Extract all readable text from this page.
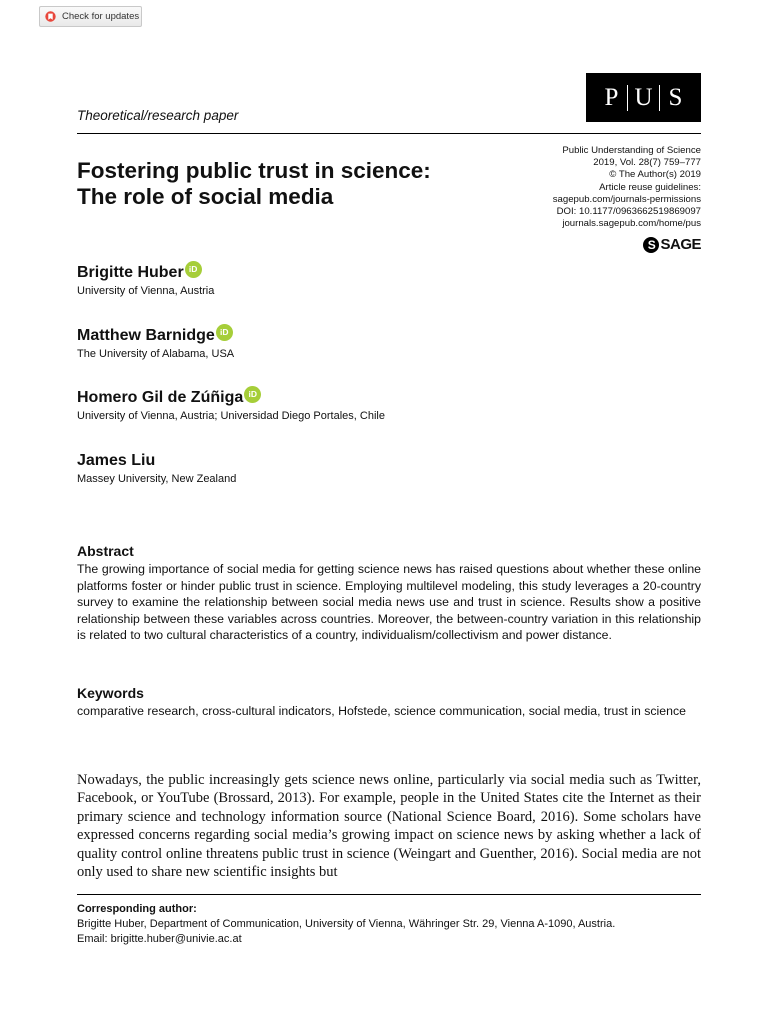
Check for updates
P U S
Theoretical/research paper
Public Understanding of Science
2019, Vol. 28(7) 759–777
© The Author(s) 2019
Article reuse guidelines:
sagepub.com/journals-permissions
DOI: 10.1177/0963662519869097
journals.sagepub.com/home/pus
S SAGE
Fostering public trust in science:
The role of social media
Brigitte Huber iD
University of Vienna, Austria
Matthew Barnidge iD
The University of Alabama, USA
Homero Gil de Zúñiga iD
University of Vienna, Austria; Universidad Diego Portales, Chile
James Liu
Massey University, New Zealand
Abstract
The growing importance of social media for getting science news has raised questions about whether these online platforms foster or hinder public trust in science. Employing multilevel modeling, this study leverages a 20-country survey to examine the relationship between social media news use and trust in science. Results show a positive relationship between these variables across countries. Moreover, the between-country variation in this relationship is related to two cultural characteristics of a country, individualism/collectivism and power distance.
Keywords
comparative research, cross-cultural indicators, Hofstede, science communication, social media, trust in science
Nowadays, the public increasingly gets science news online, particularly via social media such as Twitter, Facebook, or YouTube (Brossard, 2013). For example, people in the United States cite the Internet as their primary science and technology information source (National Science Board, 2016). Some scholars have expressed concerns regarding social media’s growing impact on science news by asking whether a lack of quality control online threatens public trust in science (Weingart and Guenther, 2016). Social media are not only used to share new scientific insights but
Corresponding author:
Brigitte Huber, Department of Communication, University of Vienna, Währinger Str. 29, Vienna A-1090, Austria.
Email: brigitte.huber@univie.ac.at
